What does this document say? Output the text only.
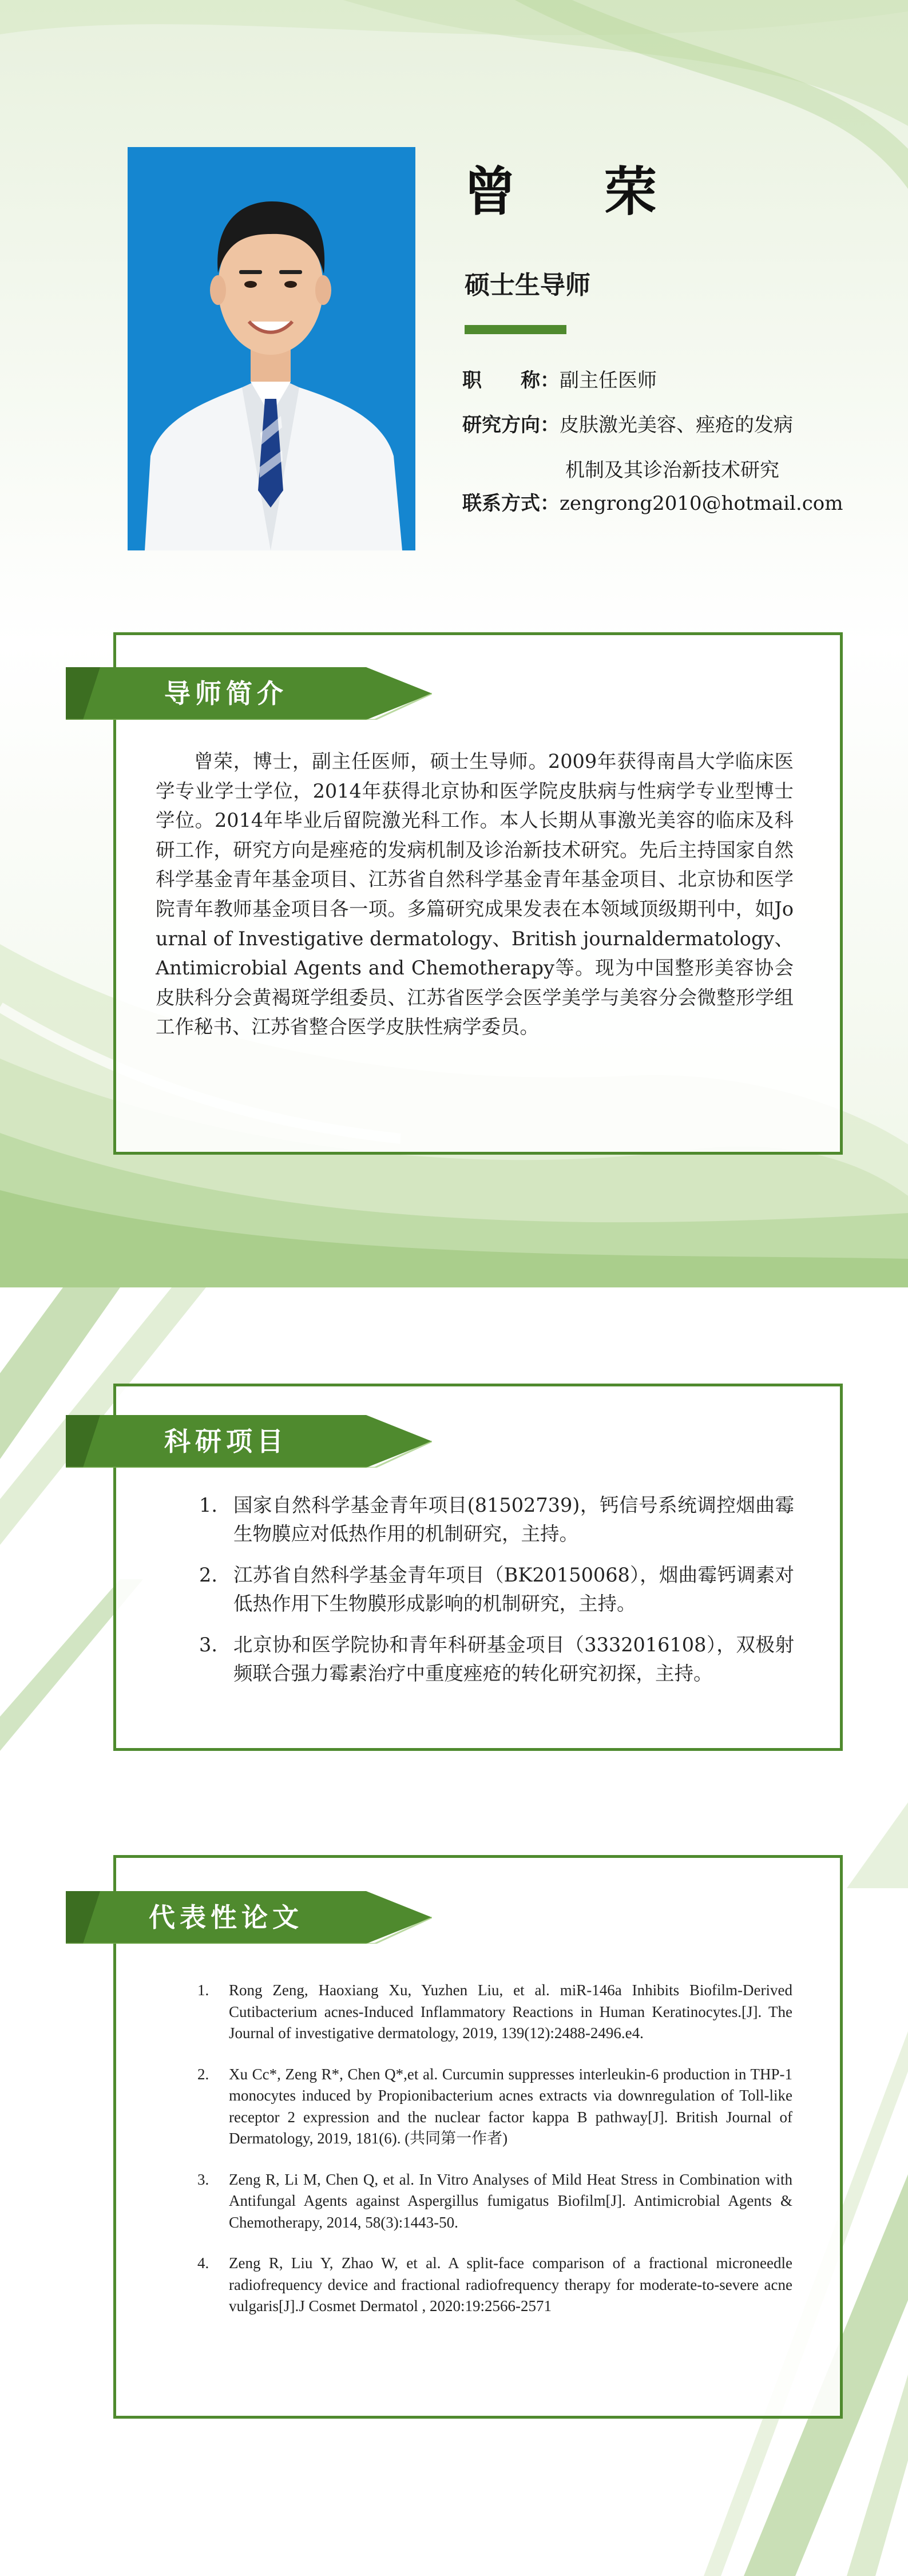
曾 荣
硕士生导师
职　　称：副主任医师
研究方向：皮肤激光美容、痤疮的发病
机制及其诊治新技术研究
联系方式：zengrong2010@hotmail.com
导师简介
曾荣，博士，副主任医师，硕士生导师。2009年获得南昌大学临床医学专业学士学位，2014年获得北京协和医学院皮肤病与性病学专业型博士学位。2014年毕业后留院激光科工作。本人长期从事激光美容的临床及科研工作，研究方向是痤疮的发病机制及诊治新技术研究。先后主持国家自然科学基金青年基金项目、江苏省自然科学基金青年基金项目、北京协和医学院青年教师基金项目各一项。多篇研究成果发表在本领域顶级期刊中，如Journal of Investigative dermatology、British journaldermatology、Antimicrobial Agents and Chemotherapy等。现为中国整形美容协会皮肤科分会黄褐斑学组委员、江苏省医学会医学美学与美容分会微整形学组工作秘书、江苏省整合医学皮肤性病学委员。
科研项目
1. 国家自然科学基金青年项目(81502739)，钙信号系统调控烟曲霉生物膜应对低热作用的机制研究，主持。
2. 江苏省自然科学基金青年项目（BK20150068），烟曲霉钙调素对低热作用下生物膜形成影响的机制研究，主持。
3. 北京协和医学院协和青年科研基金项目（3332016108），双极射频联合强力霉素治疗中重度痤疮的转化研究初探，主持。
代表性论文
1. Rong Zeng, Haoxiang Xu, Yuzhen Liu, et al. miR-146a Inhibits Biofilm-Derived Cutibacterium acnes-Induced Inflammatory Reactions in Human Keratinocytes.[J]. The Journal of investigative dermatology, 2019, 139(12):2488-2496.e4.
2. Xu Cc*, Zeng R*, Chen Q*,et al. Curcumin suppresses interleukin-6 production in THP-1 monocytes induced by Propionibacterium acnes extracts via downregulation of Toll-like receptor 2 expression and the nuclear factor kappa B pathway[J]. British Journal of Dermatology, 2019, 181(6). (共同第一作者)
3. Zeng R, Li M, Chen Q, et al. In Vitro Analyses of Mild Heat Stress in Combination with Antifungal Agents against Aspergillus fumigatus Biofilm[J]. Antimicrobial Agents & Chemotherapy, 2014, 58(3):1443-50.
4. Zeng R, Liu Y, Zhao W, et al. A split-face comparison of a fractional microneedle radiofrequency device and fractional radiofrequency therapy for moderate-to-severe acne vulgaris[J].J Cosmet Dermatol , 2020:19:2566-2571
